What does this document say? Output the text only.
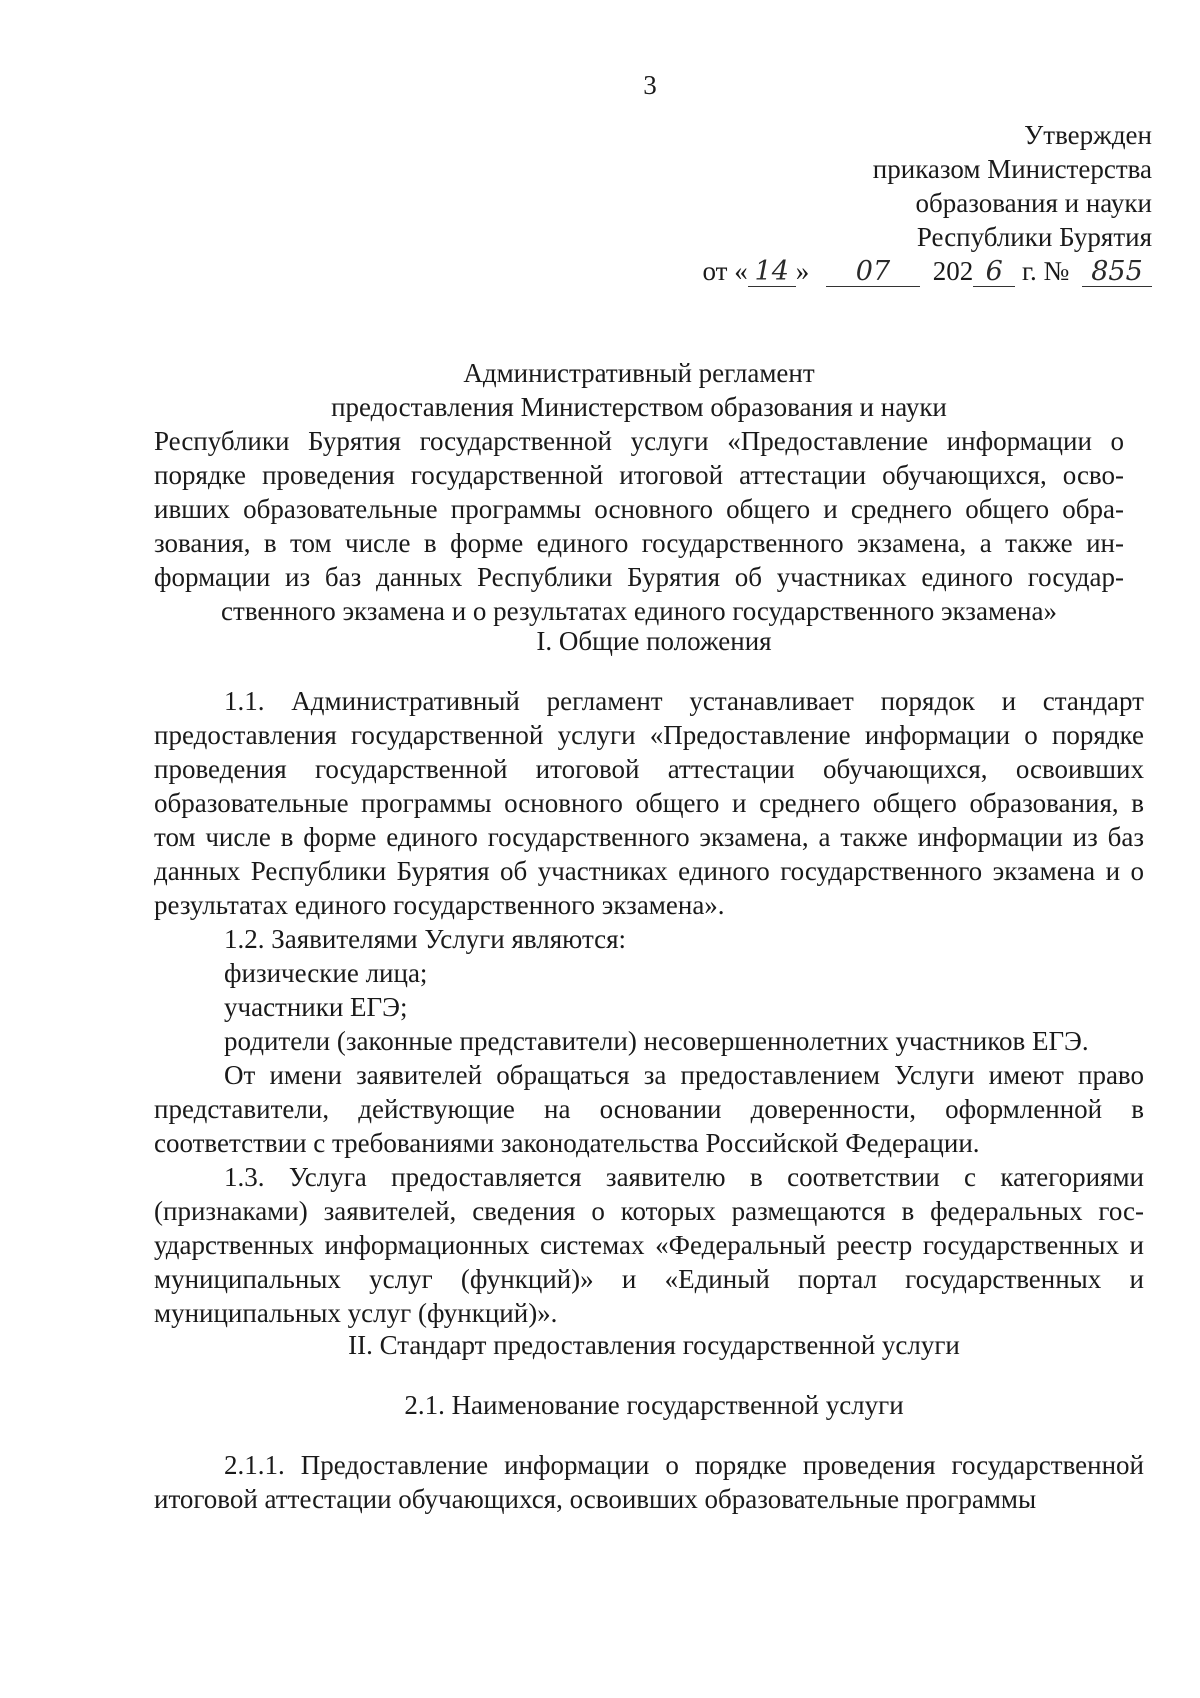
3
Утвержден
приказом Министерства
образования и науки
Республики Бурятия
от « 14 » 07 202 6 г. № 855
Административный регламент
предоставления Министерством образования и науки
Республики Бурятия государственной услуги «Предоставление информации о порядке проведения государственной итоговой аттестации обучающихся, освоивших образовательные программы основного общего и среднего общего образования, в том числе в форме единого государственного экзамена, а также информации из баз данных Республики Бурятия об участниках единого государственного экзамена и о результатах единого государственного экзамена»
I. Общие положения

1.1. Административный регламент устанавливает порядок и стандарт предоставления государственной услуги «Предоставление информации о порядке проведения государственной итоговой аттестации обучающихся, освоивших образовательные программы основного общего и среднего общего образования, в том числе в форме единого государственного экзамена, а также информации из баз данных Республики Бурятия об участниках единого государственного экзамена и о результатах единого государственного экзамена».

1.2. Заявителями Услуги являются:

физические лица;

участники ЕГЭ;

родители (законные представители) несовершеннолетних участников ЕГЭ.

От имени заявителей обращаться за предоставлением Услуги имеют право представители, действующие на основании доверенности, оформленной в соответствии с требованиями законодательства Российской Федерации.

1.3. Услуга предоставляется заявителю в соответствии с категориями (признаками) заявителей, сведения о которых размещаются в федеральных государственных информационных системах «Федеральный реестр государственных и муниципальных услуг (функций)» и «Единый портал государственных и муниципальных услуг (функций)».

II. Стандарт предоставления государственной услуги
2.1. Наименование государственной услуги

2.1.1. Предоставление информации о порядке проведения государственной итоговой аттестации обучающихся, освоивших образовательные программы
